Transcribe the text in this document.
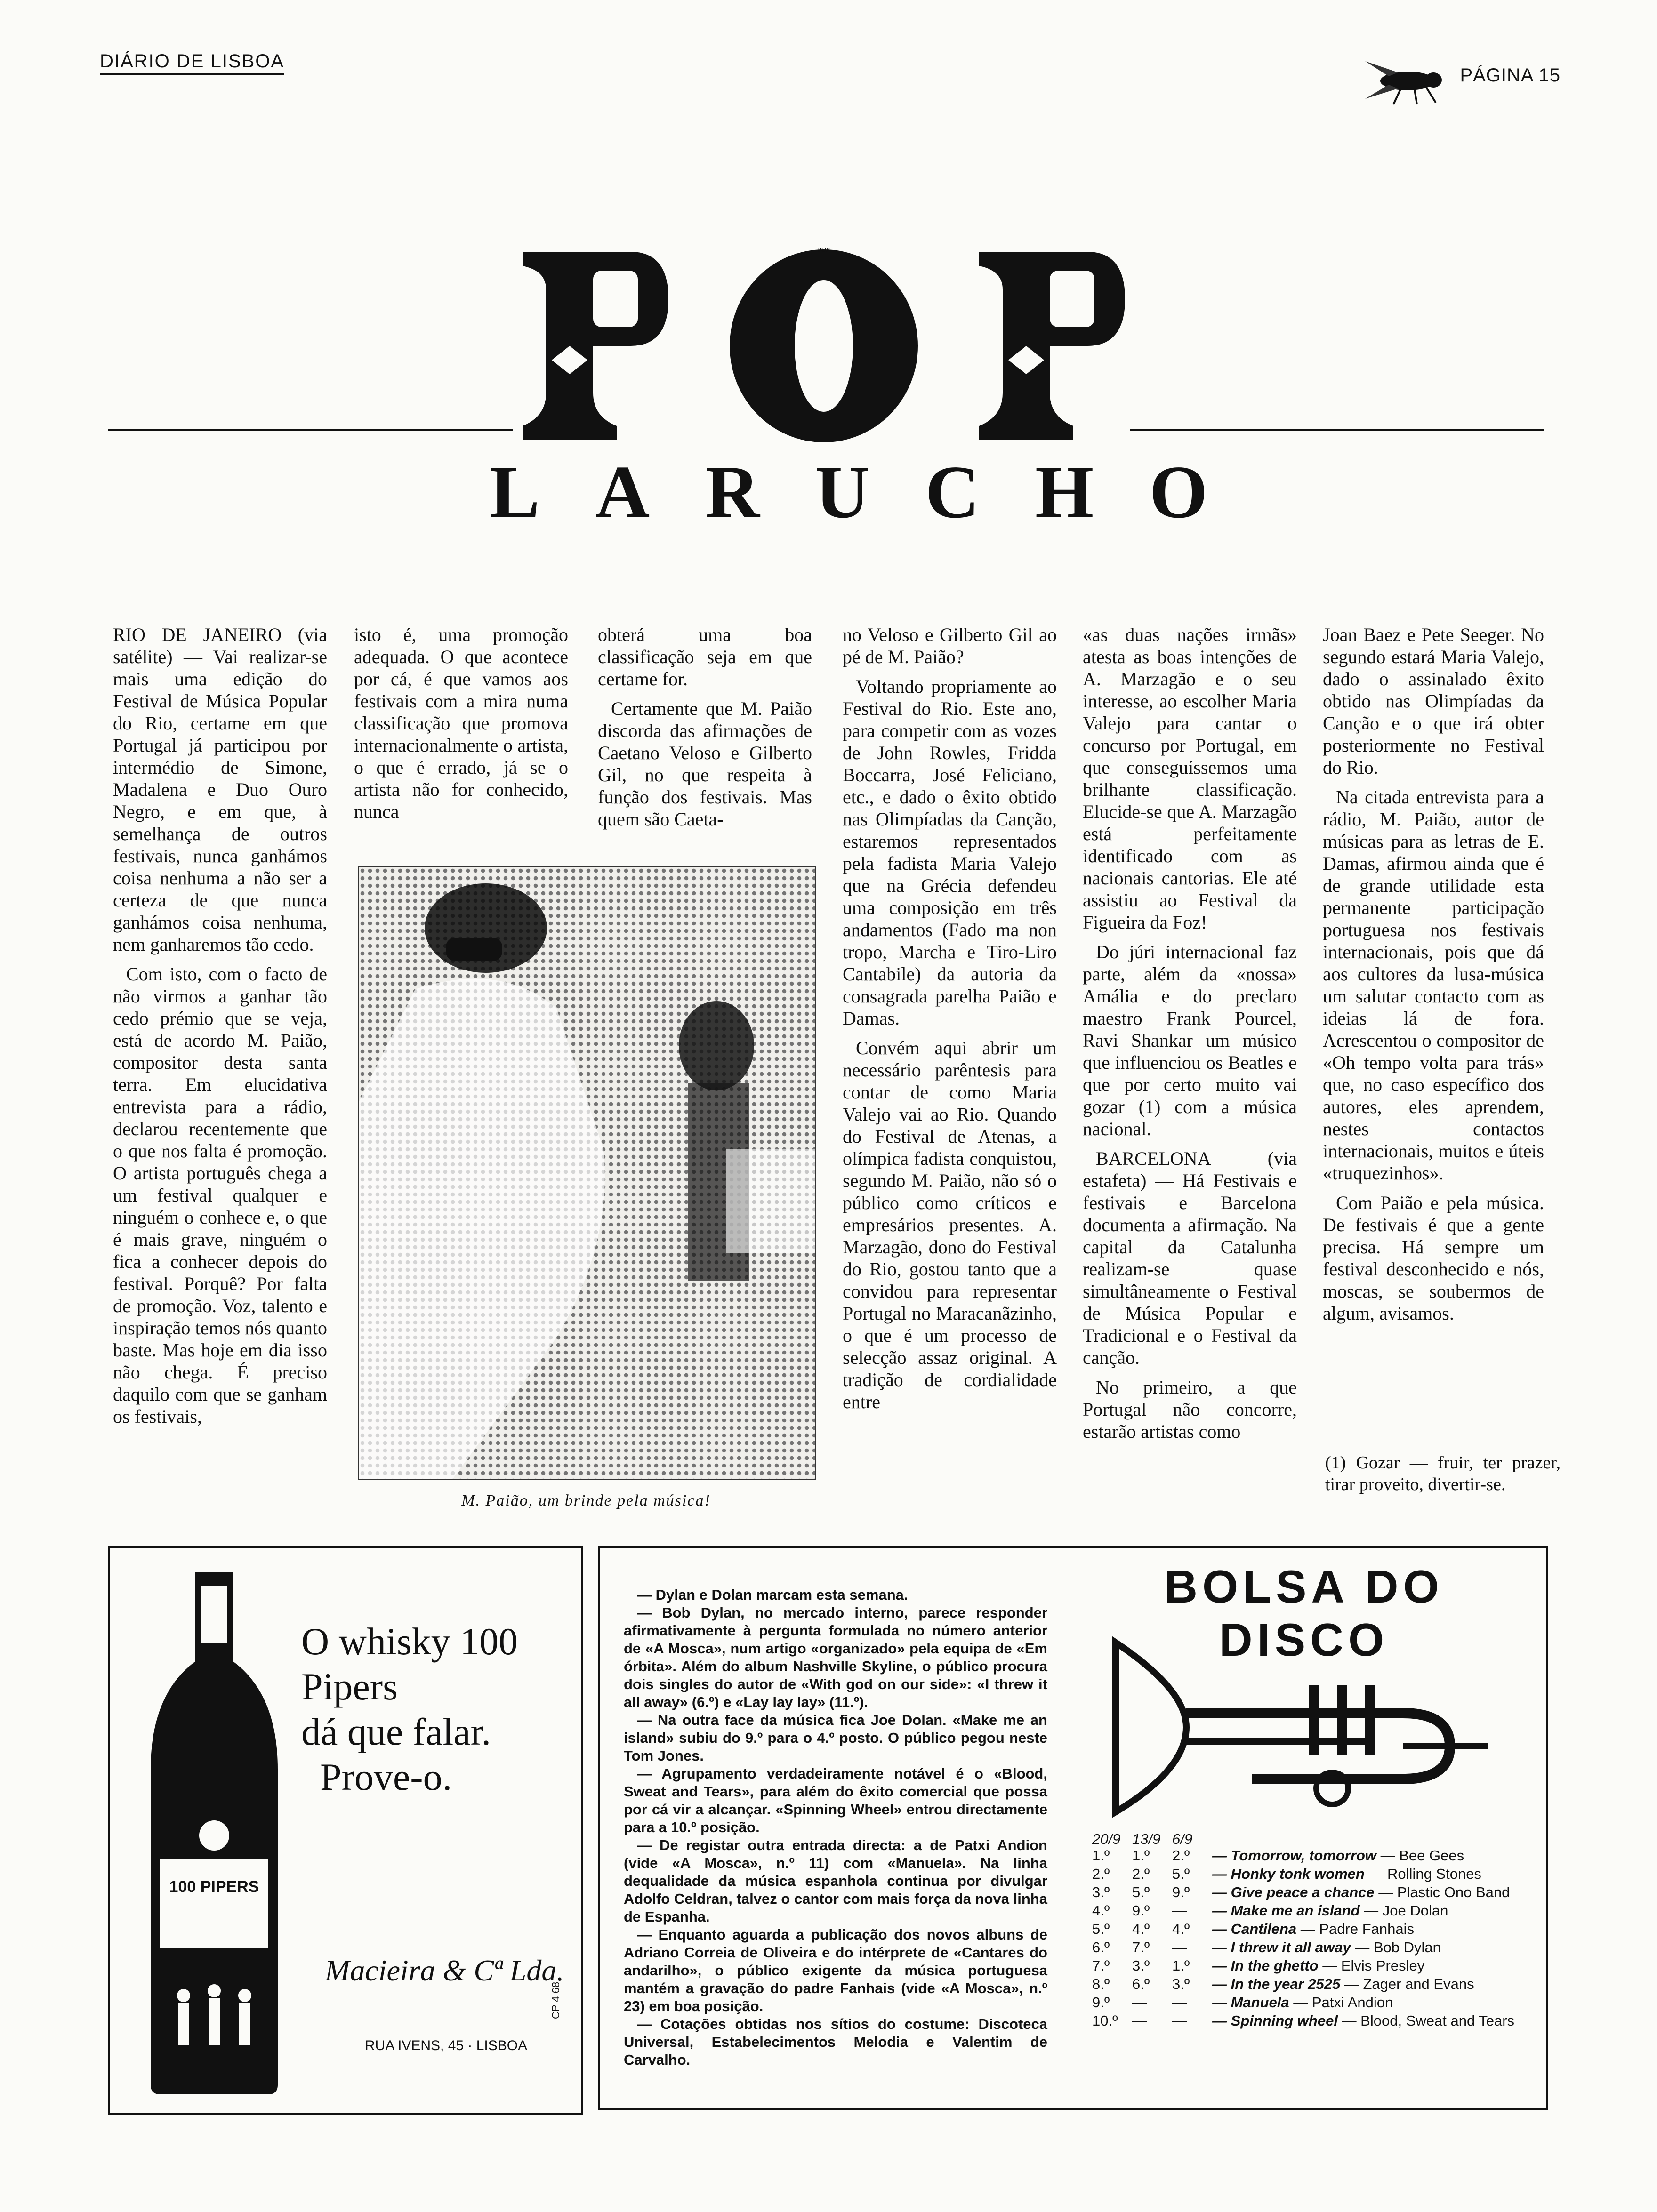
DIÁRIO DE LISBOA
PÁGINA 15
POP
LARUCHO

RIO DE JANEIRO (via satélite) — Vai realizar-se mais uma edição do Festival de Música Popular do Rio, certame em que Portugal já participou por intermédio de Simone, Madalena e Duo Ouro Negro, e em que, à semelhança de outros festivais, nunca ganhámos coisa nenhuma a não ser a certeza de que nunca ganhámos coisa nenhuma, nem ganharemos tão cedo.

Com isto, com o facto de não virmos a ganhar tão cedo prémio que se veja, está de acordo M. Paião, compositor desta santa terra. Em elucidativa entrevista para a rádio, declarou recentemente que o que nos falta é promoção. O artista português chega a um festival qualquer e ninguém o conhece e, o que é mais grave, ninguém o fica a conhecer depois do festival. Porquê? Por falta de promoção. Voz, talento e inspiração temos nós quanto baste. Mas hoje em dia isso não chega. É preciso daquilo com que se ganham os festivais,

isto é, uma promoção adequada. O que acontece por cá, é que vamos aos festivais com a mira numa classificação que promova internacionalmente o artista, o que é errado, já se o artista não for conhecido, nunca

obterá uma boa classificação seja em que certame for.

Certamente que M. Paião discorda das afirmações de Caetano Veloso e Gilberto Gil, no que respeita à função dos festivais. Mas quem são Caeta-

no Veloso e Gilberto Gil ao pé de M. Paião?

Voltando propriamente ao Festival do Rio. Este ano, para competir com as vozes de John Rowles, Fridda Boccarra, José Feliciano, etc., e dado o êxito obtido nas Olimpíadas da Canção, estaremos representados pela fadista Maria Valejo que na Grécia defendeu uma composição em três andamentos (Fado ma non tropo, Marcha e Tiro-Liro Cantabile) da autoria da consagrada parelha Paião e Damas.

Convém aqui abrir um necessário parêntesis para contar de como Maria Valejo vai ao Rio. Quando do Festival de Atenas, a olímpica fadista conquistou, segundo M. Paião, não só o público como críticos e empresários presentes. A. Marzagão, dono do Festival do Rio, gostou tanto que a convidou para representar Portugal no Maracanãzinho, o que é um processo de selecção assaz original. A tradição de cordialidade entre

«as duas nações irmãs» atesta as boas intenções de A. Marzagão e o seu interesse, ao escolher Maria Valejo para cantar o concurso por Portugal, em que conseguíssemos uma brilhante classificação. Elucide-se que A. Marzagão está perfeitamente identificado com as nacionais cantorias. Ele até assistiu ao Festival da Figueira da Foz!

Do júri internacional faz parte, além da «nossa» Amália e do preclaro maestro Frank Pourcel, Ravi Shankar um músico que influenciou os Beatles e que por certo muito vai gozar (1) com a música nacional.

BARCELONA (via estafeta) — Há Festivais e festivais e Barcelona documenta a afirmação. Na capital da Catalunha realizam-se quase simultâneamente o Festival de Música Popular e Tradicional e o Festival da canção.

No primeiro, a que Portugal não concorre, estarão artistas como

Joan Baez e Pete Seeger. No segundo estará Maria Valejo, dado o assinalado êxito obtido nas Olimpíadas da Canção e o que irá obter posteriormente no Festival do Rio.

Na citada entrevista para a rádio, M. Paião, autor de músicas para as letras de E. Damas, afirmou ainda que é de grande utilidade esta permanente participação portuguesa nos festivais internacionais, pois que dá aos cultores da lusa-música um salutar contacto com as ideias lá de fora. Acrescentou o compositor de «Oh tempo volta para trás» que, no caso específico dos autores, eles aprendem, nestes contactos internacionais, muitos e úteis «truquezinhos».

Com Paião e pela música. De festivais é que a gente precisa. Há sempre um festival desconhecido e nós, moscas, se soubermos de algum, avisamos.

M. Paião, um brinde pela música!
(1) Gozar — fruir, ter prazer, tirar proveito, divertir-se.
100 PIPERS
O whisky 100 Pipers
dá que falar.
Prove-o.
Macieira & Cª Lda.
RUA IVENS, 45 · LISBOA
CP 4 68

— Dylan e Dolan marcam esta semana.

— Bob Dylan, no mercado interno, parece responder afirmativamente à pergunta formulada no número anterior de «A Mosca», num artigo «organizado» pela equipa de «Em órbita». Além do album Nashville Skyline, o público procura dois singles do autor de «With god on our side»: «I threw it all away» (6.º) e «Lay lay lay» (11.º).

— Na outra face da música fica Joe Dolan. «Make me an island» subiu do 9.º para o 4.º posto. O público pegou neste Tom Jones.

— Agrupamento verdadeiramente notável é o «Blood, Sweat and Tears», para além do êxito comercial que possa por cá vir a alcançar. «Spinning Wheel» entrou directamente para a 10.º posição.

— De registar outra entrada directa: a de Patxi Andion (vide «A Mosca», n.º 11) com «Manuela». Na linha dequalidade da música espanhola continua por divulgar Adolfo Celdran, talvez o cantor com mais força da nova linha de Espanha.

— Enquanto aguarda a publicação dos novos albuns de Adriano Correia de Oliveira e do intérprete de «Cantares do andarilho», o público exigente da música portuguesa mantém a gravação do padre Fanhais (vide «A Mosca», n.º 23) em boa posição.

— Cotações obtidas nos sítios do costume: Discoteca Universal, Estabelecimentos Melodia e Valentim de Carvalho.

BOLSA DO DISCO
20/9 13/9 6/9
1.º	1.º	2.º	— Tomorrow, tomorrow — Bee Gees
2.º	2.º	5.º	— Honky tonk women — Rolling Stones
3.º	5.º	9.º	— Give peace a chance — Plastic Ono Band
4.º	9.º	—	— Make me an island — Joe Dolan
5.º	4.º	4.º	— Cantilena — Padre Fanhais
6.º	7.º	—	— I threw it all away — Bob Dylan
7.º	3.º	1.º	— In the ghetto — Elvis Presley
8.º	6.º	3.º	— In the year 2525 — Zager and Evans
9.º	—	—	— Manuela — Patxi Andion
10.º —	—	— Spinning wheel — Blood, Sweat and Tears
